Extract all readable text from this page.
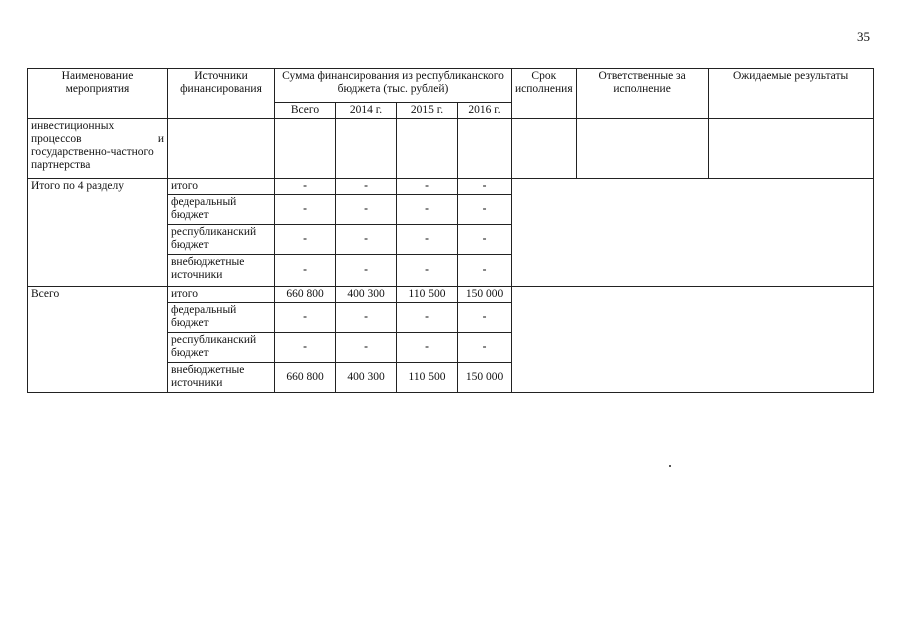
35
Наименование мероприятия	Источники финансирования	Сумма финансирования из республиканского бюджета (тыс. рублей)				Срок исполнения	Ответственные за исполнение	Ожидаемые результаты
		Всего	2014 г.	2015 г.	2016 г.			
инвестиционных процессов и государственно-частного партнерства								
Итого по 4 разделу	итого	-	-	-	-			
	федеральный бюджет	-	-	-	-			
	республиканский бюджет	-	-	-	-			
	внебюджетные источники	-	-	-	-			
Всего	итого	660 800	400 300	110 500	150 000			
	федеральный бюджет	-	-	-	-			
	республиканский бюджет	-	-	-	-			
	внебюджетные источники	660 800	400 300	110 500	150 000			
